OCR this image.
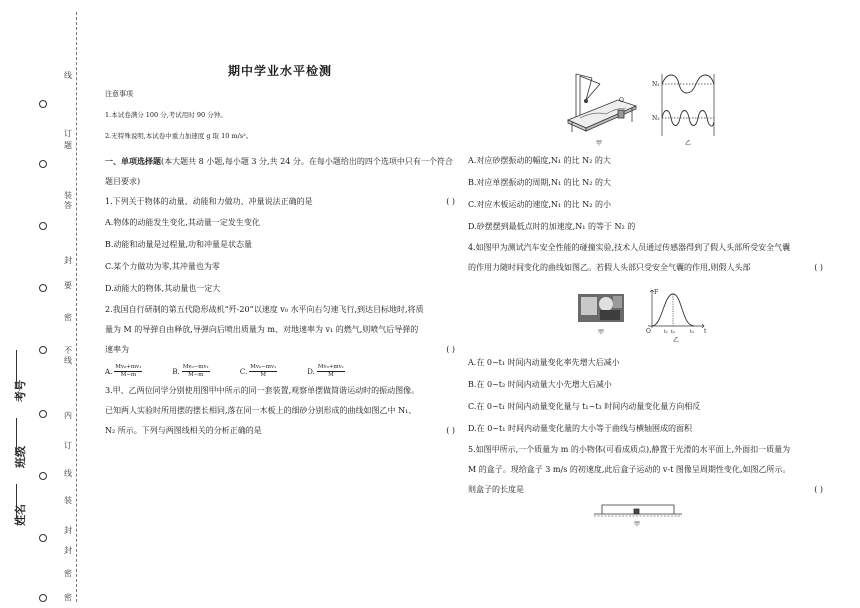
线
订
题
装
答
封
要
密
不
线
内
订
线
装
封
封
密
密
考号
班级
姓名
期中学业水平检测
注意事项
1.本试卷满分 100 分,考试用时 90 分钟。
2.无特殊说明,本试卷中重力加速度 g 取 10 m/s²。
一、单项选择题(本大题共 8 小题,每小题 3 分,共 24 分。在每小题给出的四个选项中只有一个符合题目要求)
1.下列关于物体的动量、动能和力做功、冲量说法正确的是	( )
A.物体的动能发生变化,其动量一定发生变化
B.动能和动量是过程量,功和冲量是状态量
C.某个力做功为零,其冲量也为零
D.动能大的物体,其动量也一定大
2.我国自行研制的第五代隐形战机“歼-20”以速度 v₀ 水平向右匀速飞行,到达目标地时,将质量为 M 的导弹自由释放,导弹向后喷出质量为 m、对地速率为 v₁ 的燃气,则喷气后导弹的速率为	( )
A.
Mv₀+mv₁
M−m	B.
Mv₀−mv₁
M−m	C.
Mv₀−mv₁
M	D.
Mv₀+mv₁
M
3.甲、乙两位同学分别使用图甲中所示的同一套装置,观察单摆做简谐运动时的振动图像。已知两人实验时所用摆的摆长相同,落在同一木板上的细砂分别形成的曲线如图乙中 N₁、N₂ 所示。下列与两图线相关的分析正确的是	( )
O
甲
N₁
N₂
乙
A.对应砂摆振动的幅度,N₁ 的比 N₂ 的大
B.对应单摆振动的周期,N₁ 的比 N₂ 的大
C.对应木板运动的速度,N₁ 的比 N₂ 的小
D.砂摆摆到最低点时的加速度,N₁ 的等于 N₂ 的
4.如图甲为测试汽车安全性能的碰撞实验,技术人员通过传感器得到了假人头部所受安全气囊的作用力随时间变化的曲线如图乙。若假人头部只受安全气囊的作用,则假人头部	( )
甲
F
t
O	t₁ t₂	t₃
乙
A.在 0~t₁ 时间内动量变化率先增大后减小
B.在 0~t₂ 时间内动量大小先增大后减小
C.在 0~t₁ 时间内动量变化量与 t₁~t₃ 时间内动量变化量方向相反
D.在 0~t₁ 时间内动量变化量的大小等于曲线与横轴围成的面积
5.如图甲所示,一个质量为 m 的小物体(可看成质点),静置于光滑的水平面上,外面扣一质量为 M 的盒子。现给盒子 3 m/s 的初速度,此后盒子运动的 v-t 图像呈周期性变化,如图乙所示。则盒子的长度是	( )
甲
